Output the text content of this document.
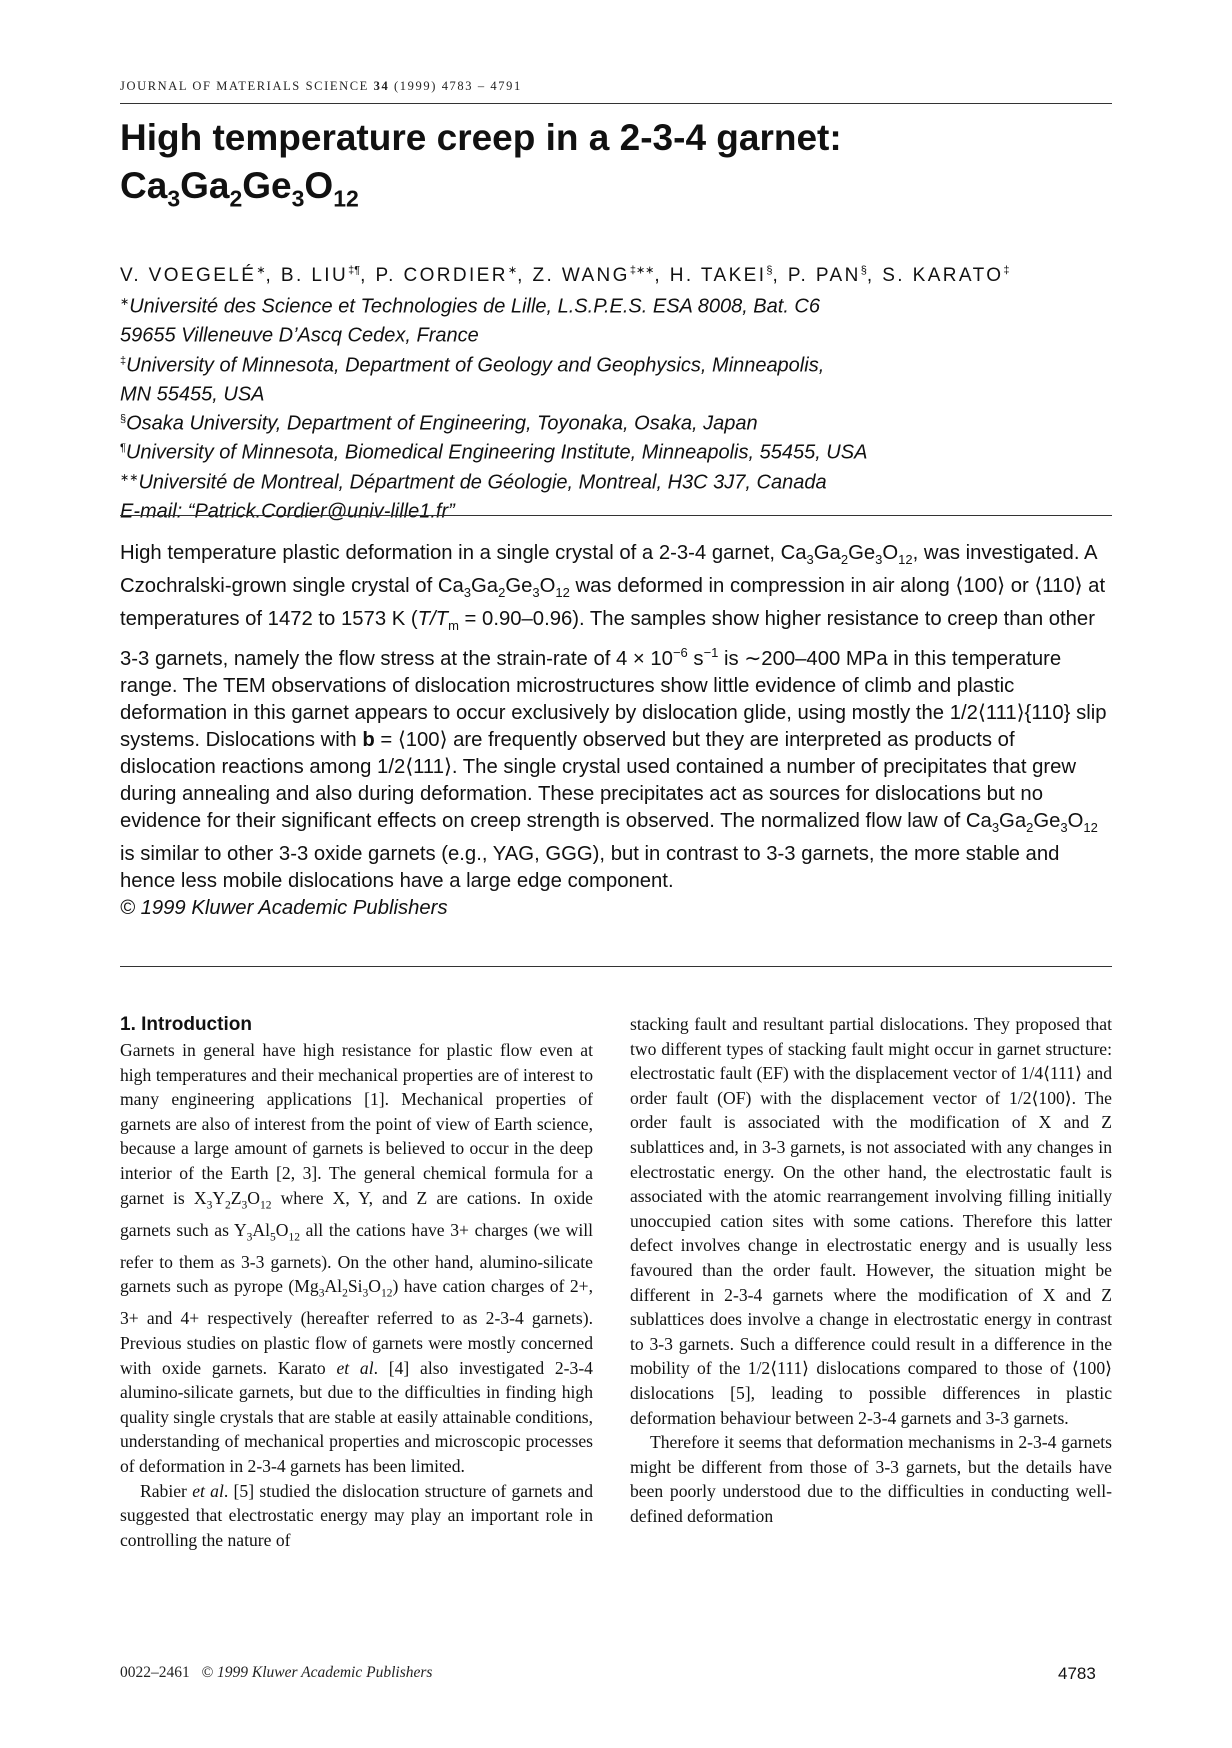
JOURNAL OF MATERIALS SCIENCE 34 (1999) 4783 – 4791
High temperature creep in a 2-3-4 garnet:
$Ca_3Ga_2Ge_3O_{12}$
V. VOEGELÉ∗, B. LIU‡¶, P. CORDIER∗, Z. WANG‡∗∗, H. TAKEI§, P. PAN§, S. KARATO‡
∗Université des Science et Technologies de Lille, L.S.P.E.S. ESA 8008, Bat. C6
59655 Villeneuve D’Ascq Cedex, France
‡University of Minnesota, Department of Geology and Geophysics, Minneapolis,
MN 55455, USA
§Osaka University, Department of Engineering, Toyonaka, Osaka, Japan
¶University of Minnesota, Biomedical Engineering Institute, Minneapolis, 55455, USA
∗∗Université de Montreal, Départment de Géologie, Montreal, H3C 3J7, Canada
E-mail: “Patrick.Cordier@univ-lille1.fr”
High temperature plastic deformation in a single crystal of a 2-3-4 garnet, $Ca_3Ga_2Ge_3O_{12}$, was investigated. A Czochralski-grown single crystal of $Ca_3Ga_2Ge_3O_{12}$ was deformed in compression in air along ⟨100⟩ or ⟨110⟩ at temperatures of 1472 to 1573 K $(T/T_m = 0.90-0.96)$. The samples show higher resistance to creep than other 3-3 garnets, namely the flow stress at the strain-rate of $4 \times 10^{-6}$ $s^{-1}$ is ∼200–400 MPa in this temperature range. The TEM observations of dislocation microstructures show little evidence of climb and plastic deformation in this garnet appears to occur exclusively by dislocation glide, using mostly the 1/2⟨111⟩{110} slip systems. Dislocations with b = ⟨100⟩ are frequently observed but they are interpreted as products of dislocation reactions among 1/2⟨111⟩. The single crystal used contained a number of precipitates that grew during annealing and also during deformation. These precipitates act as sources for dislocations but no evidence for their significant effects on creep strength is observed. The normalized flow law of $Ca_3Ga_2Ge_3O_{12}$ is similar to other 3-3 oxide garnets (e.g., YAG, GGG), but in contrast to 3-3 garnets, the more stable and hence less mobile dislocations have a large edge component.
© 1999 Kluwer Academic Publishers
1. Introduction

Garnets in general have high resistance for plastic flow even at high temperatures and their mechanical properties are of interest to many engineering applications [1]. Mechanical properties of garnets are also of interest from the point of view of Earth science, because a large amount of garnets is believed to occur in the deep interior of the Earth [2, 3]. The general chemical formula for a garnet is $X_3Y_2Z_3O_{12}$ where X, Y, and Z are cations. In oxide garnets such as $Y_3Al_5O_{12}$ all the cations have 3+ charges (we will refer to them as 3-3 garnets). On the other hand, alumino-silicate garnets such as pyrope $(Mg_3Al_2Si_3O_{12})$ have cation charges of 2+, 3+ and 4+ respectively (hereafter referred to as 2-3-4 garnets). Previous studies on plastic flow of garnets were mostly concerned with oxide garnets. Karato et al. [4] also investigated 2-3-4 alumino-silicate garnets, but due to the difficulties in finding high quality single crystals that are stable at easily attainable conditions, understanding of mechanical properties and microscopic processes of deformation in 2-3-4 garnets has been limited.

Rabier et al. [5] studied the dislocation structure of garnets and suggested that electrostatic energy may play an important role in controlling the nature of

stacking fault and resultant partial dislocations. They proposed that two different types of stacking fault might occur in garnet structure: electrostatic fault (EF) with the displacement vector of 1/4⟨111⟩ and order fault (OF) with the displacement vector of 1/2⟨100⟩. The order fault is associated with the modification of X and Z sublattices and, in 3-3 garnets, is not associated with any changes in electrostatic energy. On the other hand, the electrostatic fault is associated with the atomic rearrangement involving filling initially unoccupied cation sites with some cations. Therefore this latter defect involves change in electrostatic energy and is usually less favoured than the order fault. However, the situation might be different in 2-3-4 garnets where the modification of X and Z sublattices does involve a change in electrostatic energy in contrast to 3-3 garnets. Such a difference could result in a difference in the mobility of the 1/2⟨111⟩ dislocations compared to those of ⟨100⟩ dislocations [5], leading to possible differences in plastic deformation behaviour between 2-3-4 garnets and 3-3 garnets.

Therefore it seems that deformation mechanisms in 2-3-4 garnets might be different from those of 3-3 garnets, but the details have been poorly understood due to the difficulties in conducting well-defined deformation

0022–2461 © 1999 Kluwer Academic Publishers	4783
